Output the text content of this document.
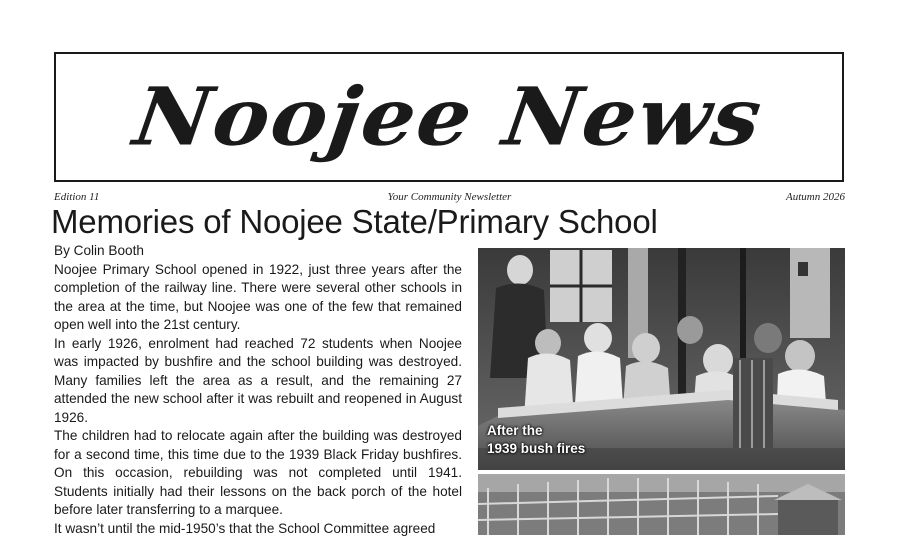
Noojee News
Your Community Newsletter
Edition 11	Autumn 2026
Memories of Noojee State/Primary School

By Colin Booth

Noojee Primary School opened in 1922, just three years after the completion of the railway line. There were several other schools in the area at the time, but Noojee was one of the few that remained open well into the 21st century.

In early 1926, enrolment had reached 72 students when Noojee was impacted by bushfire and the school building was destroyed. Many families left the area as a result, and the remaining 27 attended the new school after it was rebuilt and reopened in August 1926.

The children had to relocate again after the building was destroyed for a second time, this time due to the 1939 Black Friday bushfires. On this occasion, rebuilding was not completed until 1941. Students initially had their lessons on the back porch of the hotel before later transferring to a marquee.

It wasn’t until the mid-1950’s that the School Committee agreed

After the
1939 bush fires
